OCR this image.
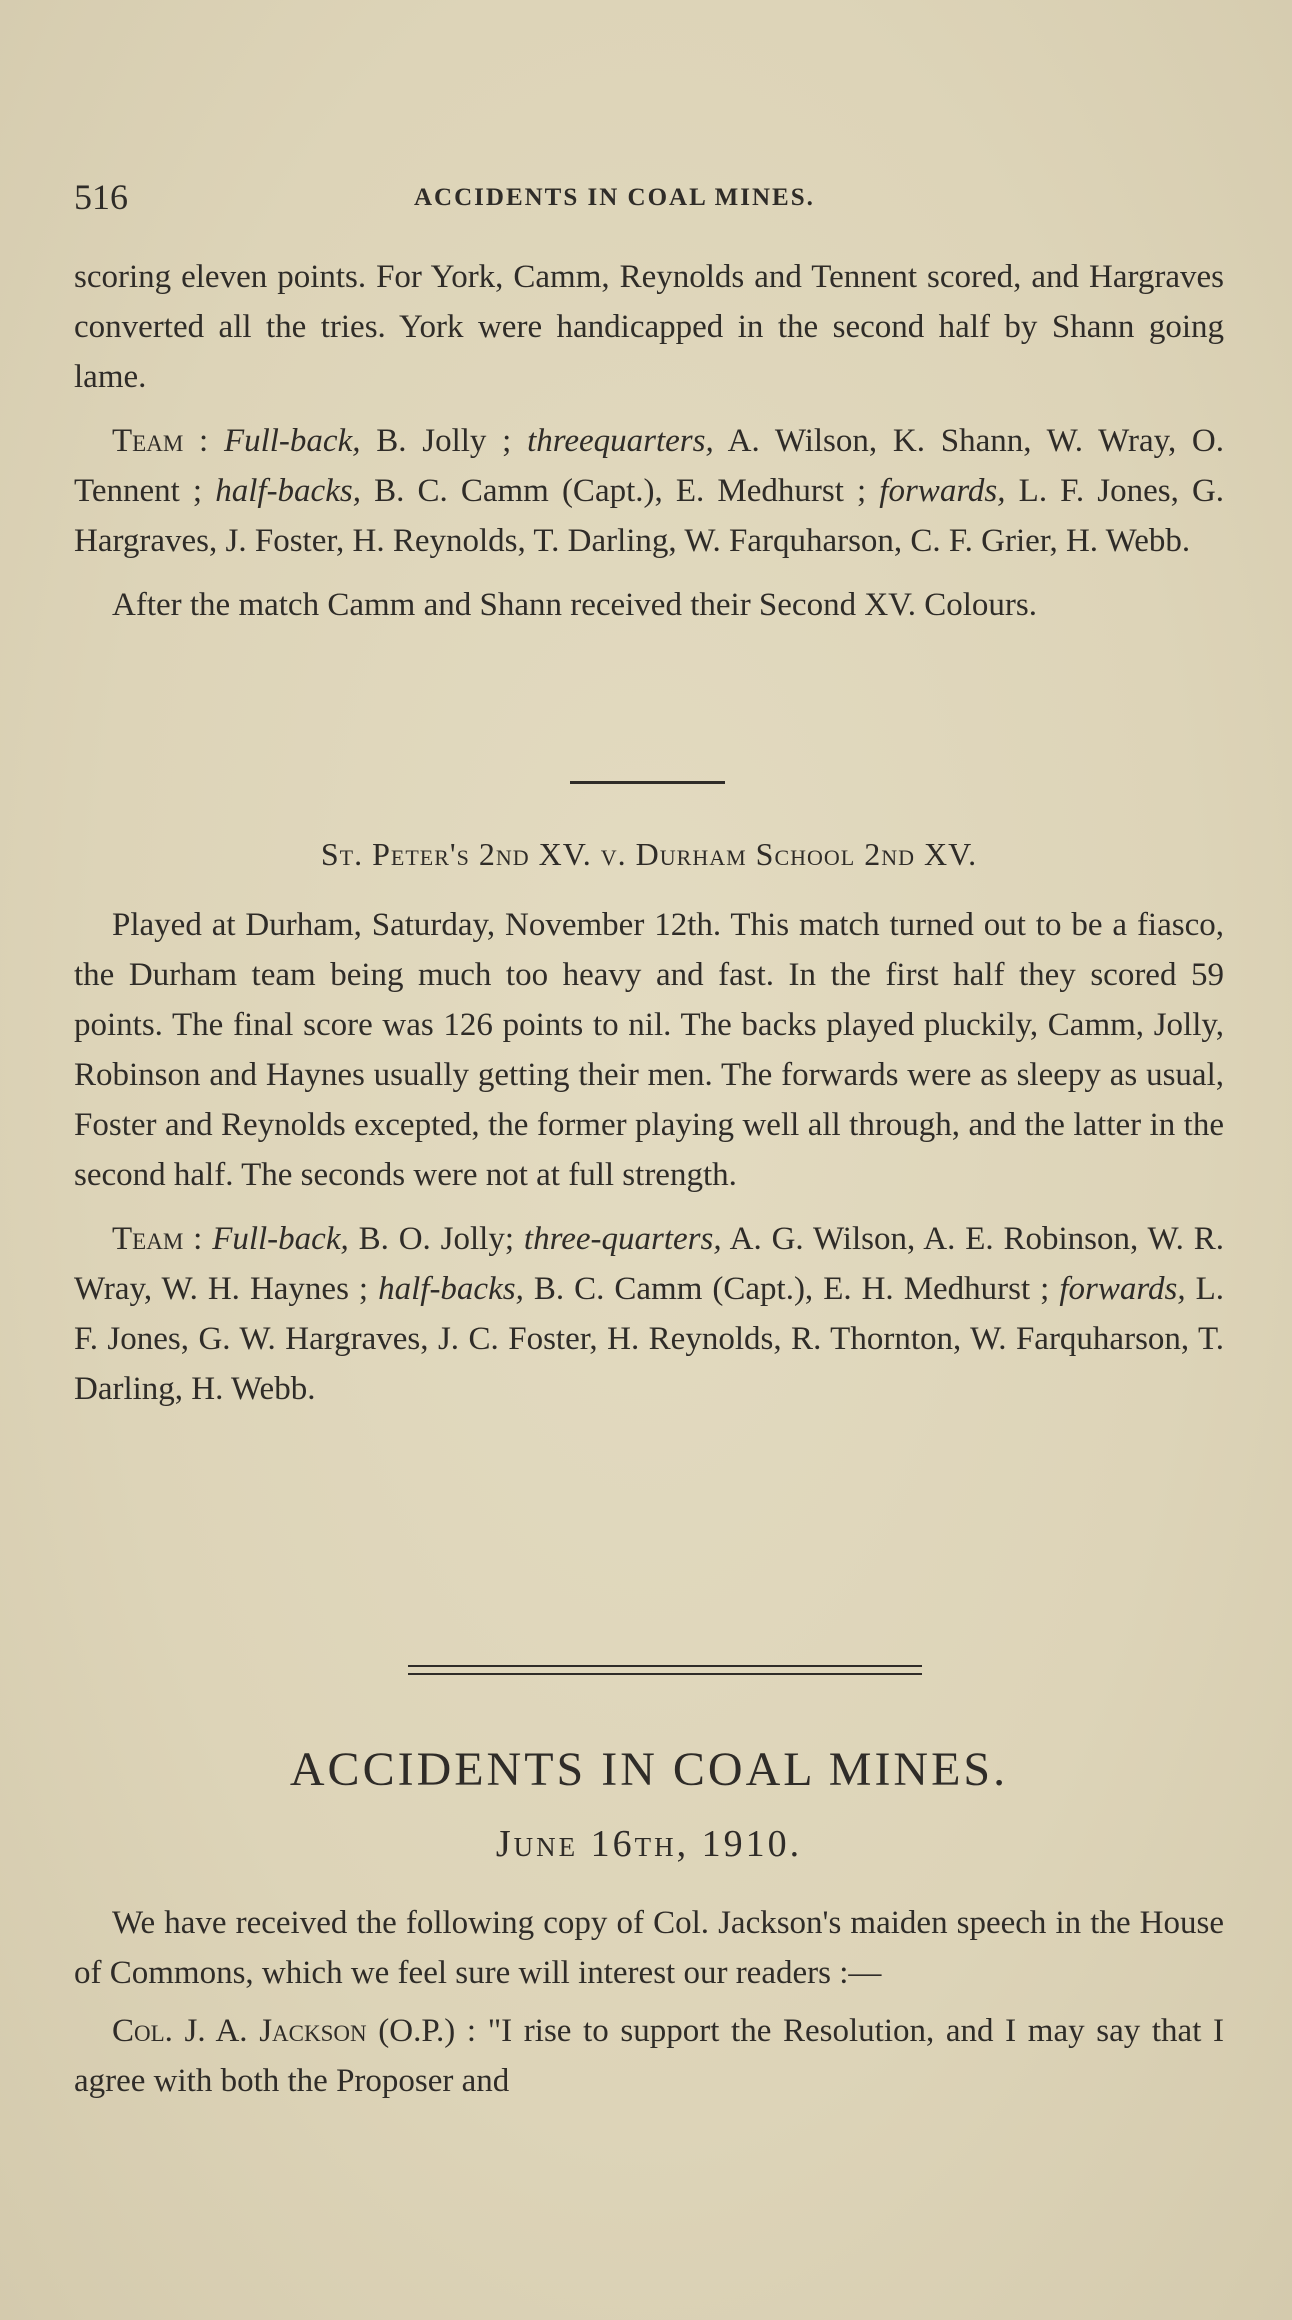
516	ACCIDENTS IN COAL MINES.

scoring eleven points. For York, Camm, Reynolds and Tennent scored, and Hargraves converted all the tries. York were handicapped in the second half by Shann going lame.

Team : Full-back, B. Jolly ; threequarters, A. Wilson, K. Shann, W. Wray, O. Tennent ; half-backs, B. C. Camm (Capt.), E. Medhurst ; forwards, L. F. Jones, G. Hargraves, J. Foster, H. Reynolds, T. Darling, W. Farquharson, C. F. Grier, H. Webb.

After the match Camm and Shann received their Second XV. Colours.

St. Peter's 2nd XV. v. Durham School 2nd XV.

Played at Durham, Saturday, November 12th. This match turned out to be a fiasco, the Durham team being much too heavy and fast. In the first half they scored 59 points. The final score was 126 points to nil. The backs played pluckily, Camm, Jolly, Robinson and Haynes usually getting their men. The forwards were as sleepy as usual, Foster and Reynolds excepted, the former playing well all through, and the latter in the second half. The seconds were not at full strength.

Team : Full-back, B. O. Jolly; three-quarters, A. G. Wilson, A. E. Robinson, W. R. Wray, W. H. Haynes ; half-backs, B. C. Camm (Capt.), E. H. Medhurst ; forwards, L. F. Jones, G. W. Hargraves, J. C. Foster, H. Reynolds, R. Thornton, W. Farquharson, T. Darling, H. Webb.

ACCIDENTS IN COAL MINES.
June 16th, 1910.

We have received the following copy of Col. Jackson's maiden speech in the House of Commons, which we feel sure will interest our readers :—

Col. J. A. Jackson (O.P.) : "I rise to support the Resolution, and I may say that I agree with both the Proposer and
